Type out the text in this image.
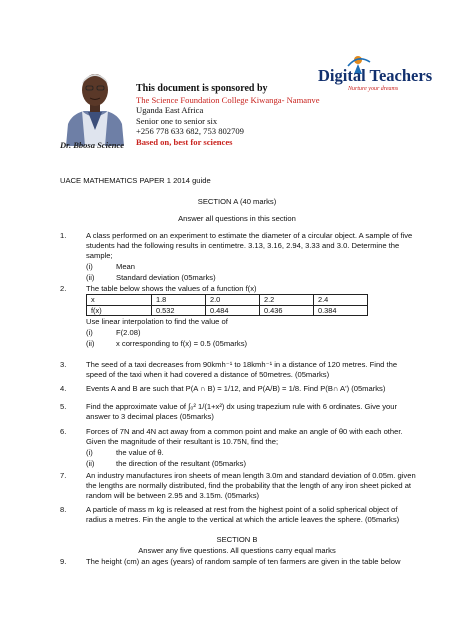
Dr. Bbosa Science
This document is sponsored by
The Science Foundation College Kiwanga- Namanve
Uganda East Africa
Senior one to senior six
+256 778 633 682, 753 802709
Based on, best for sciences
Digital Teachers
Nurture your dreams
UACE MATHEMATICS PAPER 1 2014 guide
SECTION A (40 marks)
Answer all questions in this section
1.	A class performed on an experiment to estimate the diameter of a circular object. A sample of five students had the following results in centimetre. 3.13, 3.16, 2.94, 3.33 and 3.0. Determine the sample;
(i)	Mean
(ii)	Standard deviation (05marks)
2.	The table below shows the values of a function f(x)
x	1.8	2.0	2.2	2.4
f(x)	0.532	0.484	0.436	0.384
Use linear interpolation to find the value of
(i)	F(2.08)
(ii)	x corresponding to f(x) = 0.5 (05marks)
3.	The seed of a taxi decreases from 90kmh⁻¹ to 18kmh⁻¹ in a distance of 120 metres. Find the speed of the taxi when it had covered a distance of 50metres. (05marks)
4.	Events A and B are such that P(A ∩ B) = 1/12, and P(A/B) = 1/8. Find P(B∩ A') (05marks)
5.	Find the approximate value of ∫₀² 1/(1+x²) dx using trapezium rule with 6 ordinates. Give your answer to 3 decimal places (05marks)
6.	Forces of 7N and 4N act away from a common point and make an angle of θ0 with each other. Given the magnitude of their resultant is 10.75N, find the;
(i)	the value of θ.
(ii)	the direction of the resultant (05marks)
7.	An industry manufactures iron sheets of mean length 3.0m and standard deviation of 0.05m. given the lengths are normally distributed, find the probability that the length of any iron sheet picked at random will be between 2.95 and 3.15m. (05marks)
8.	A particle of mass m kg is released at rest from the highest point of a solid spherical object of radius a metres. Fin the angle to the vertical at which the article leaves the sphere. (05marks)
SECTION B
Answer any five questions. All questions carry equal marks
9.	The height (cm) an ages (years) of random sample of ten farmers are given in the table below
